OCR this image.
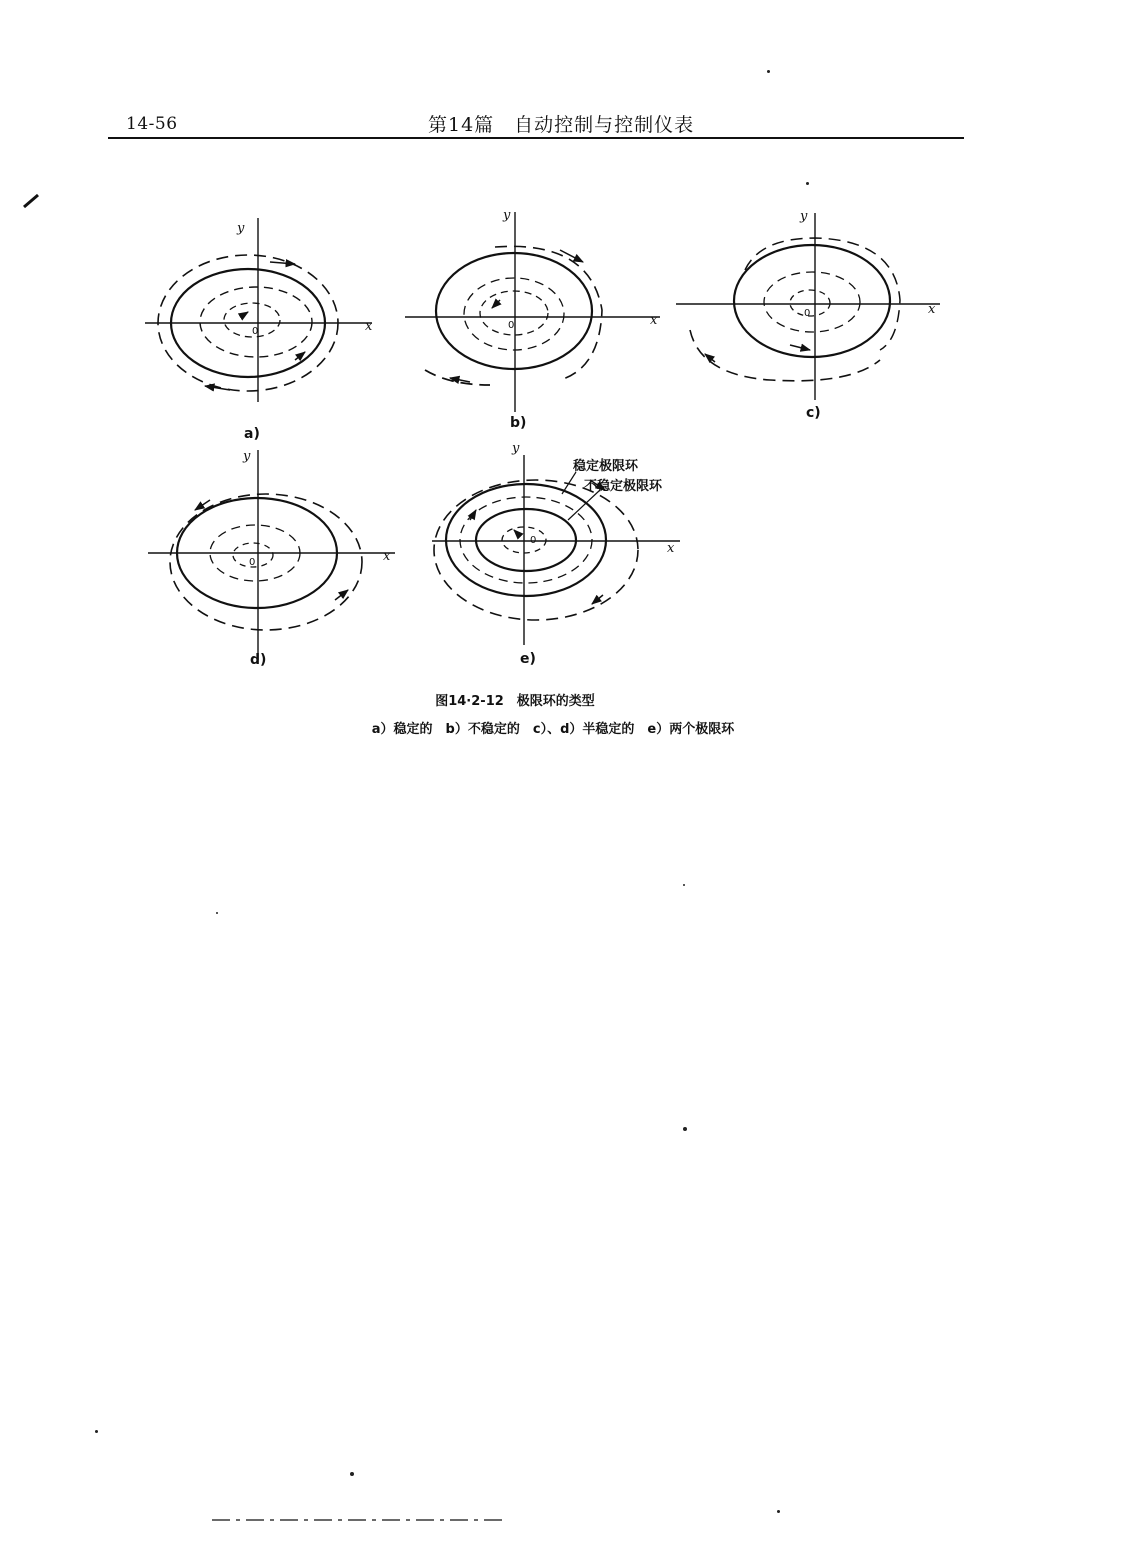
14-56	第14篇　自动控制与控制仪表
y
x
0
a)
y
x
0
b)
y
x
0
c)
y
x
0
d)
y
x
0
e)
稳定极限环
不稳定极限环
图14·2-12　极限环的类型
a）稳定的　b）不稳定的　c）、d）半稳定的　e）两个极限环
